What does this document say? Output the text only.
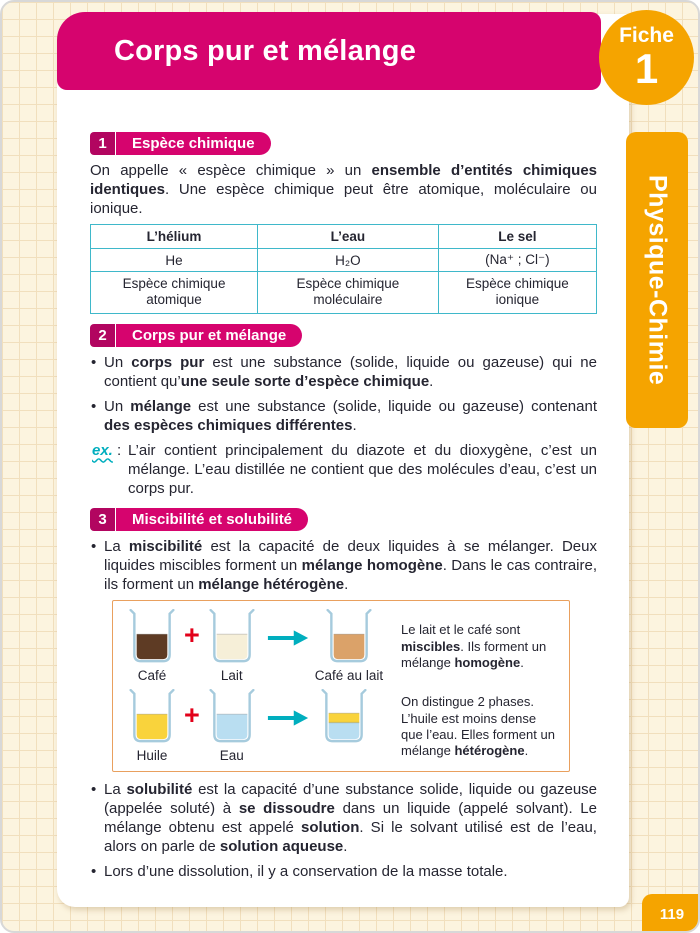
1	Espèce chimique

On appelle « espèce chimique » un ensemble d’entités chimiques identiques. Une espèce chimique peut être atomique, moléculaire ou ionique.

L’hélium	L’eau	Le sel
He	H₂O	(Na⁺ ; Cl⁻)
Espèce chimique atomique	Espèce chimique moléculaire	Espèce chimique ionique
2	Corps pur et mélange

• Un corps pur est une substance (solide, liquide ou gazeuse) qui ne contient qu’une seule sorte d’espèce chimique.

• Un mélange est une substance (solide, liquide ou gazeuse) contenant des espèces chimiques différentes.

ex. : L’air contient principalement du diazote et du dioxygène, c’est un mélange. L’eau distillée ne contient que des molécules d’eau, c’est un corps pur.
3	Miscibilité et solubilité

• La miscibilité est la capacité de deux liquides à se mélanger. Deux liquides miscibles forment un mélange homogène. Dans le cas contraire, ils forment un mélange hétérogène.

Café
+
Lait	Café au lait
Le lait et le café sont miscibles. Ils forment un mélange homogène.
Huile
+
Eau
On distingue 2 phases. L’huile est moins dense que l’eau. Elles forment un mélange hétérogène.

• La solubilité est la capacité d’une substance solide, liquide ou gazeuse (appelée soluté) à se dissoudre dans un liquide (appelé solvant). Le mélange obtenu est appelé solution. Si le solvant utilisé est de l’eau, alors on parle de solution aqueuse.

• Lors d’une dissolution, il y a conservation de la masse totale.

Corps pur et mélange	Fiche
1
Physique-Chimie
119
